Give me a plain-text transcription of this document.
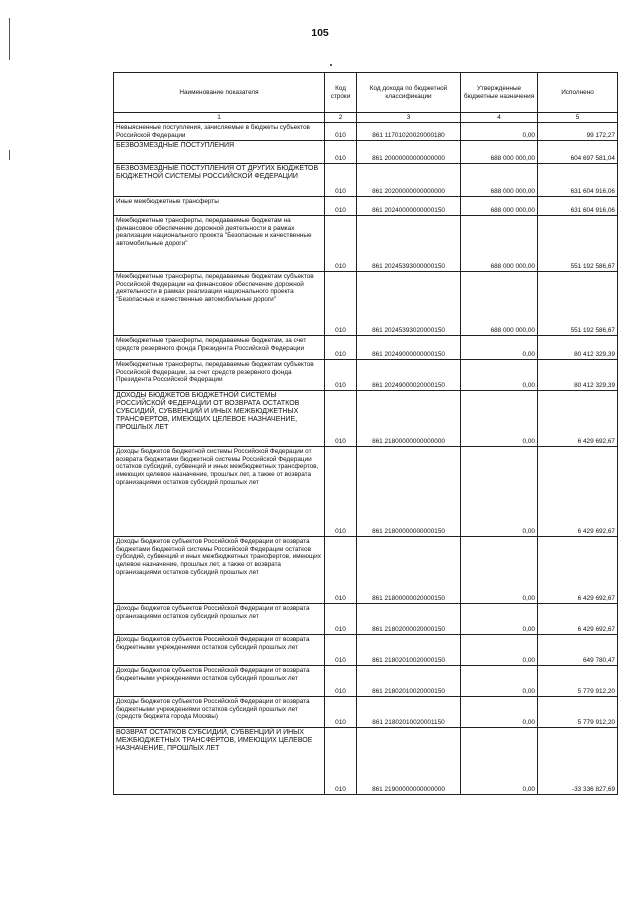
105
Наименование показателя	Код строки	Код дохода по бюджетной классификации	Утвержденные бюджетные назначения	Исполнено
1	2	3	4	5
Невыясненные поступления, зачисляемые в бюджеты субъектов Российской Федерации	010	861 11701020020000180	0,00	99 172,27
БЕЗВОЗМЕЗДНЫЕ ПОСТУПЛЕНИЯ	010	861 20000000000000000	688 000 000,00	604 697 581,04
БЕЗВОЗМЕЗДНЫЕ ПОСТУПЛЕНИЯ ОТ ДРУГИХ БЮДЖЕТОВ БЮДЖЕТНОЙ СИСТЕМЫ РОССИЙСКОЙ ФЕДЕРАЦИИ	010	861 20200000000000000	688 000 000,00	631 604 916,06
Иные межбюджетные трансферты	010	861 20240000000000150	688 000 000,00	631 604 916,06
Межбюджетные трансферты, передаваемые бюджетам на финансовое обеспечение дорожной деятельности в рамках реализации национального проекта "Безопасные и качественные автомобильные дороги"	010	861 20245393000000150	688 000 000,00	551 192 586,67
Межбюджетные трансферты, передаваемые бюджетам субъектов Российской Федерации на финансовое обеспечение дорожной деятельности в рамках реализации национального проекта "Безопасные и качественные автомобильные дороги"	010	861 20245393020000150	688 000 000,00	551 192 586,67
Межбюджетные трансферты, передаваемые бюджетам, за счет средств резервного фонда Президента Российской Федерации	010	861 20249000000000150	0,00	80 412 329,39
Межбюджетные трансферты, передаваемые бюджетам субъектов Российской Федерации, за счет средств резервного фонда Президента Российской Федерации	010	861 20249000020000150	0,00	80 412 329,39
ДОХОДЫ БЮДЖЕТОВ БЮДЖЕТНОЙ СИСТЕМЫ РОССИЙСКОЙ ФЕДЕРАЦИИ ОТ ВОЗВРАТА ОСТАТКОВ СУБСИДИЙ, СУБВЕНЦИЙ И ИНЫХ МЕЖБЮДЖЕТНЫХ ТРАНСФЕРТОВ, ИМЕЮЩИХ ЦЕЛЕВОЕ НАЗНАЧЕНИЕ, ПРОШЛЫХ ЛЕТ	010	861 21800000000000000	0,00	6 429 692,67
Доходы бюджетов бюджетной системы Российской Федерации от возврата бюджетами бюджетной системы Российской Федерации остатков субсидий, субвенций и иных межбюджетных трансфертов, имеющих целевое назначение, прошлых лет, а также от возврата организациями остатков субсидий прошлых лет	010	861 21800000000000150	0,00	6 429 692,67
Доходы бюджетов субъектов Российской Федерации от возврата бюджетами бюджетной системы Российской Федерации остатков субсидий, субвенций и иных межбюджетных трансфертов, имеющих целевое назначение, прошлых лет, а также от возврата организациями остатков субсидий прошлых лет	010	861 21800000020000150	0,00	6 429 692,67
Доходы бюджетов субъектов Российской Федерации от возврата организациями остатков субсидий прошлых лет	010	861 21802000020000150	0,00	6 429 692,67
Доходы бюджетов субъектов Российской Федерации от возврата бюджетными учреждениями остатков субсидий прошлых лет	010	861 21802010020000150	0,00	649 780,47
Доходы бюджетов субъектов Российской Федерации от возврата бюджетными учреждениями остатков субсидий прошлых лет	010	861 21802010020000150	0,00	5 779 912,20
Доходы бюджетов субъектов Российской Федерации от возврата бюджетными учреждениями остатков субсидий прошлых лет (средств бюджета города Москвы)	010	861 21802010020001150	0,00	5 779 912,20
ВОЗВРАТ ОСТАТКОВ СУБСИДИЙ, СУБВЕНЦИЙ И ИНЫХ МЕЖБЮДЖЕТНЫХ ТРАНСФЕРТОВ, ИМЕЮЩИХ ЦЕЛЕВОЕ НАЗНАЧЕНИЕ, ПРОШЛЫХ ЛЕТ	010	861 21900000000000000	0,00	-33 336 827,69
